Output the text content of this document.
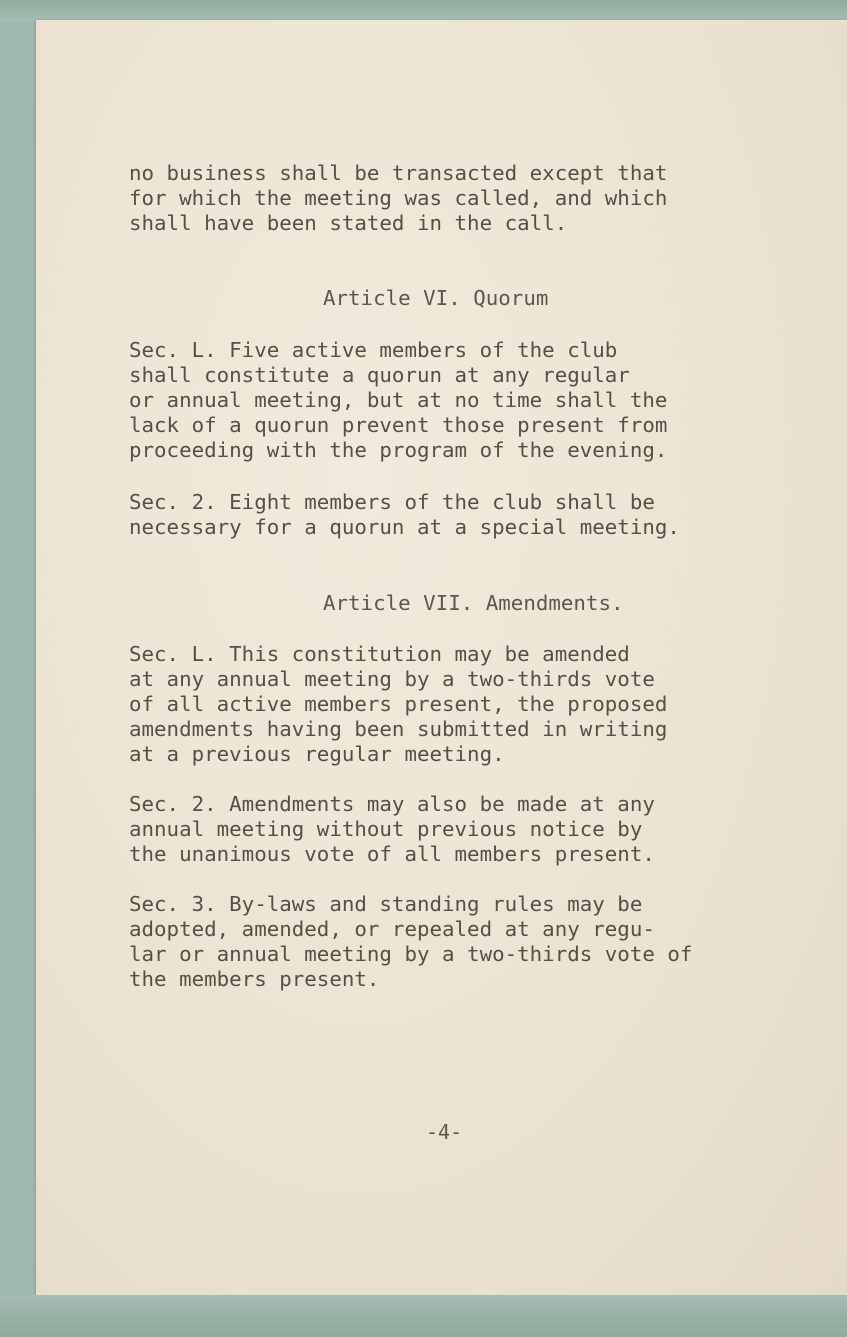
no business shall be transacted except that

for which the meeting was called, and which

shall have been stated in the call.

Article VI. Quorum

Sec. L. Five active members of the club

shall constitute a quorun at any regular

or annual meeting, but at no time shall the

lack of a quorun prevent those present from

proceeding with the program of the evening.

Sec. 2. Eight members of the club shall be

necessary for a quorun at a special meeting.

Article VII. Amendments.

Sec. L. This constitution may be amended

at any annual meeting by a two-thirds vote

of all active members present, the proposed

amendments having been submitted in writing

at a previous regular meeting.

Sec. 2. Amendments may also be made at any

annual meeting without previous notice by

the unanimous vote of all members present.

Sec. 3. By-laws and standing rules may be

adopted, amended, or repealed at any regu-

lar or annual meeting by a two-thirds vote of

the members present.

-4-
